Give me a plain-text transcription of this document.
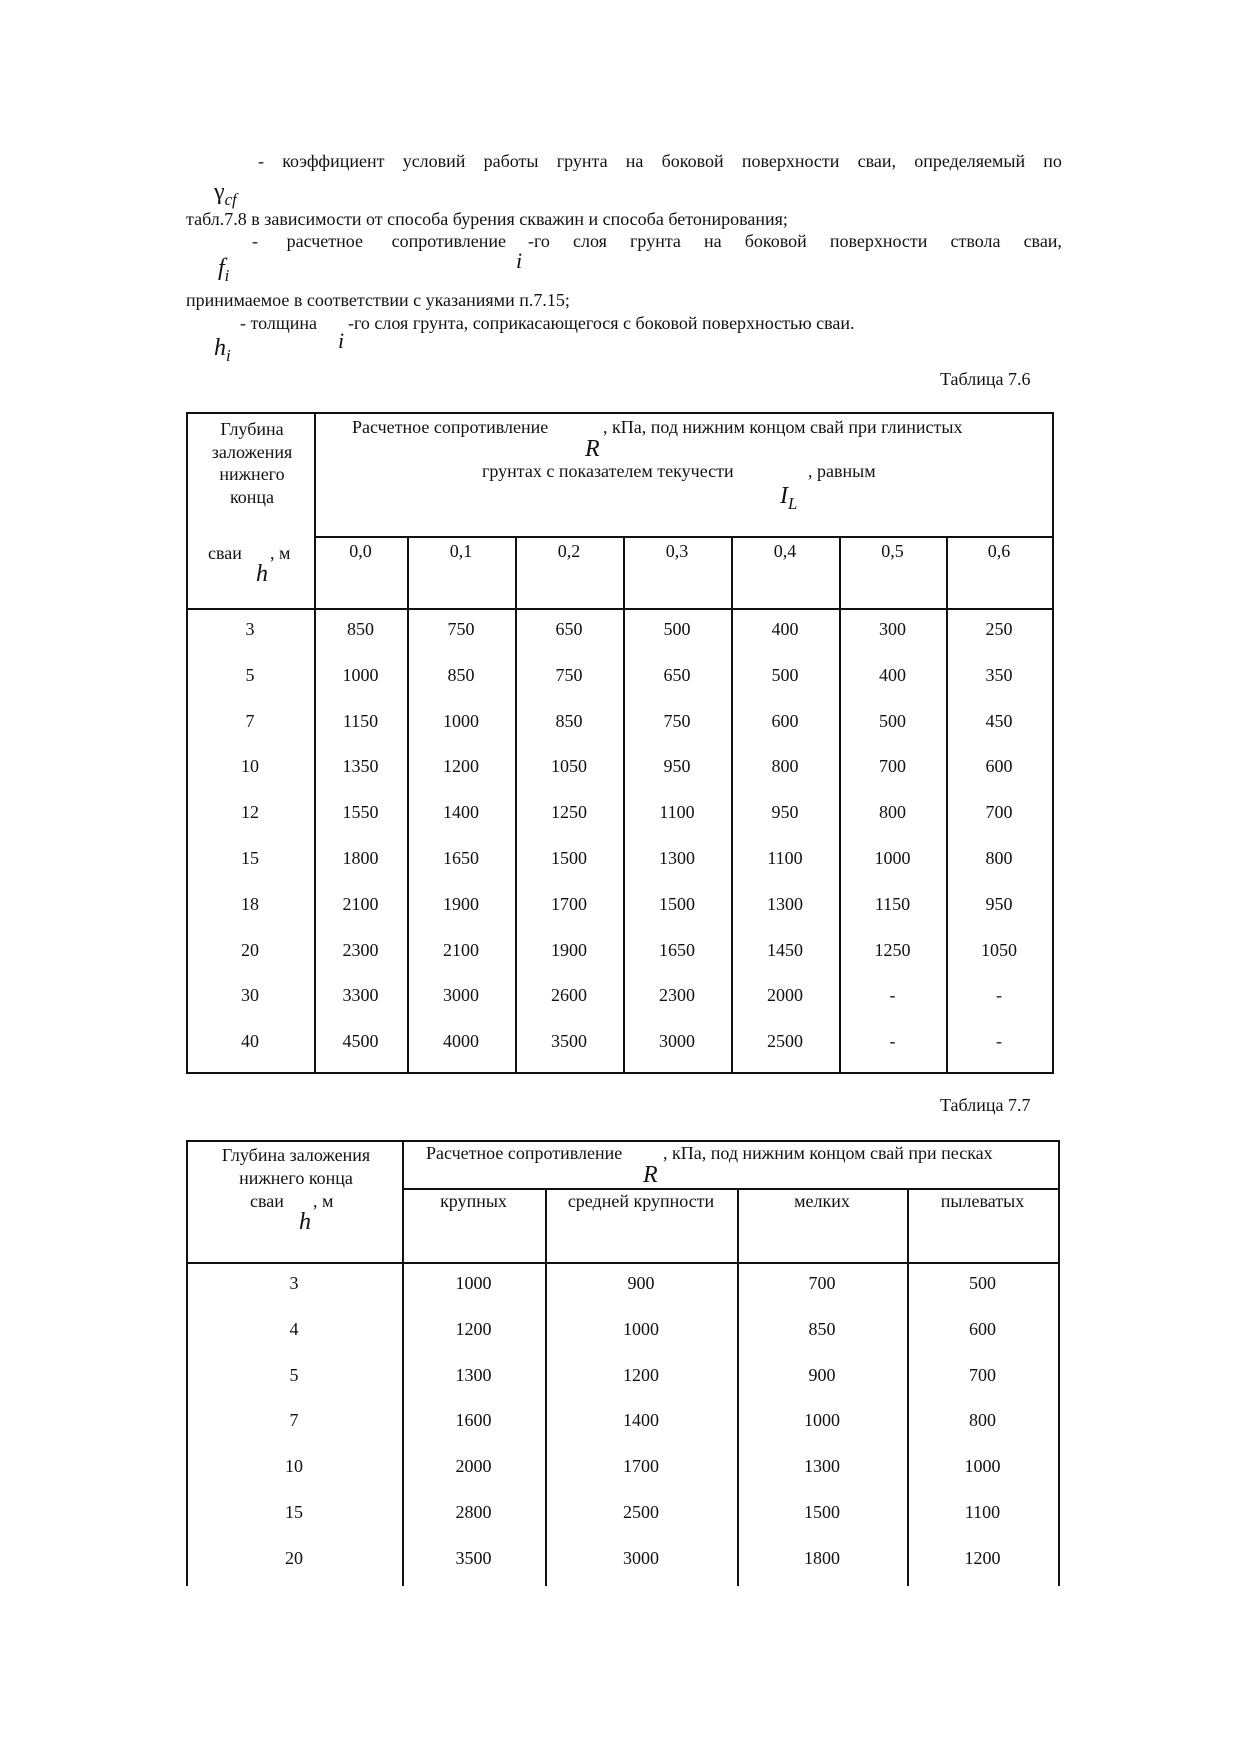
- коэффициент условий работы грунта на боковой поверхности сваи, определяемый по
$\gamma_{cf}$
табл.7.8 в зависимости от способа бурения скважин и способа бетонирования;
- расчетное сопротивление
i
-го слоя грунта на боковой поверхности ствола сваи,
$f_i$
принимаемое в соответствии с указаниями п.7.15;
- толщина
i
-го слоя грунта, соприкасающегося с боковой поверхностью сваи.
$h_i$
Таблица 7.6
Глубина
заложения
нижнего
конца
сваи
h
, м
Расчетное сопротивление
R
, кПа, под нижним концом свай при глинистых
грунтах с показателем текучести
$I_L$
, равным
0,0	0,1	0,2	0,3	0,4	0,5	0,6
3	850	750	650	500	400	300	250
5	1000	850	750	650	500	400	350
7	1150	1000	850	750	600	500	450
10	1350	1200	1050	950	800	700	600
12	1550	1400	1250	1100	950	800	700
15	1800	1650	1500	1300	1100	1000	800
18	2100	1900	1700	1500	1300	1150	950
20	2300	2100	1900	1650	1450	1250	1050
30	3300	3000	2600	2300	2000	-	-
40	4500	4000	3500	3000	2500	-	-
Таблица 7.7
Глубина заложения
нижнего конца
сваи
h
, м
Расчетное сопротивление
R
, кПа, под нижним концом свай при песках
крупных	средней крупности	мелких	пылеватых
3	1000	900	700	500
4	1200	1000	850	600
5	1300	1200	900	700
7	1600	1400	1000	800
10	2000	1700	1300	1000
15	2800	2500	1500	1100
20	3500	3000	1800	1200
